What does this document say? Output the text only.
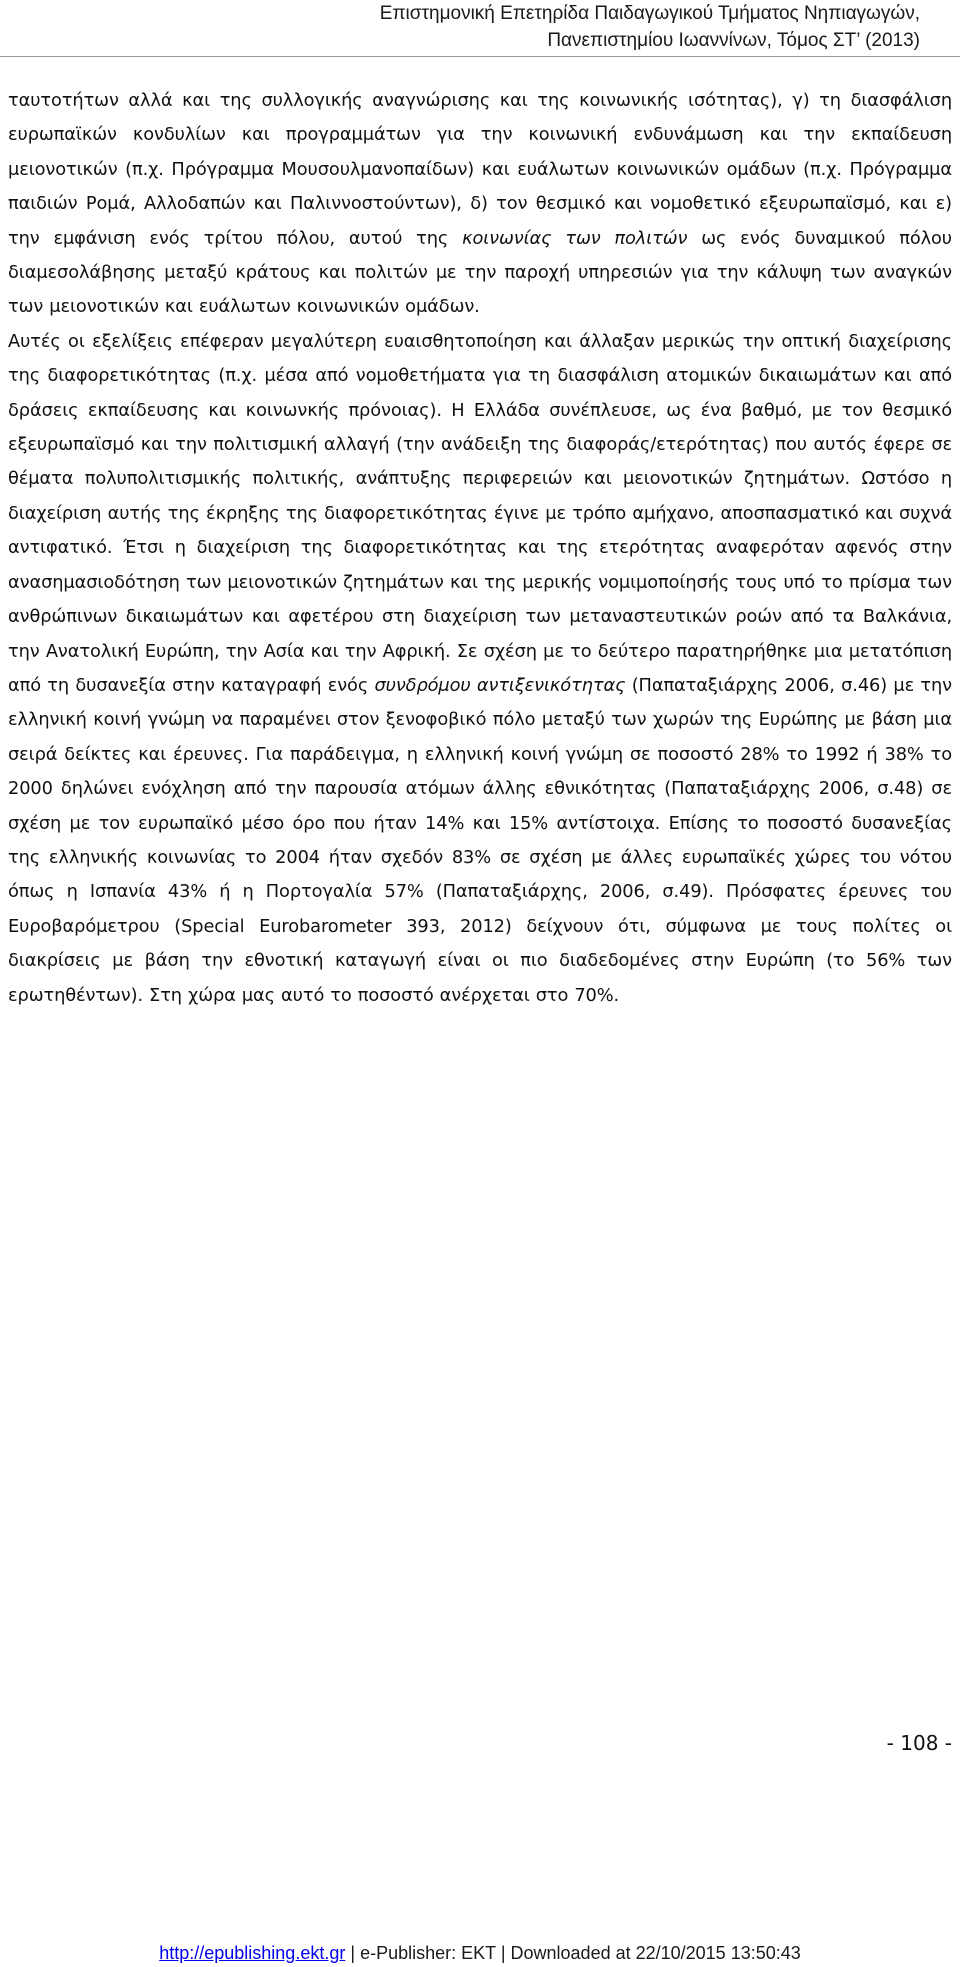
Επιστημονική Επετηρίδα Παιδαγωγικού Τμήματος Νηπιαγωγών,
Πανεπιστημίου Ιωαννίνων, Τόμος ΣΤ’ (2013)

ταυτοτήτων αλλά και της συλλογικής αναγνώρισης και της κοινωνικής ισότητας), γ) τη διασφάλιση ευρωπαϊκών κονδυλίων και προγραμμάτων για την κοινωνική ενδυνάμωση και την εκπαίδευση μειονοτικών (π.χ. Πρόγραμμα Μουσουλμανοπαίδων) και ευάλωτων κοινωνικών ομάδων (π.χ. Πρόγραμμα παιδιών Ρομά, Αλλοδαπών και Παλιννοστούντων), δ) τον θεσμικό και νομοθετικό εξευρωπαϊσμό, και ε) την εμφάνιση ενός τρίτου πόλου, αυτού της κοινωνίας των πολιτών ως ενός δυναμικού πόλου διαμεσολάβησης μεταξύ κράτους και πολιτών με την παροχή υπηρεσιών για την κάλυψη των αναγκών των μειονοτικών και ευάλωτων κοινωνικών ομάδων.

Αυτές οι εξελίξεις επέφεραν μεγαλύτερη ευαισθητοποίηση και άλλαξαν μερικώς την οπτική διαχείρισης της διαφορετικότητας (π.χ. μέσα από νομοθετήματα για τη διασφάλιση ατομικών δικαιωμάτων και από δράσεις εκπαίδευσης και κοινωνκής πρόνοιας). Η Ελλάδα συνέπλευσε, ως ένα βαθμό, με τον θεσμικό εξευρωπαϊσμό και την πολιτισμική αλλαγή (την ανάδειξη της διαφοράς/ετερότητας) που αυτός έφερε σε θέματα πολυπολιτισμικής πολιτικής, ανάπτυξης περιφερειών και μειονοτικών ζητημάτων. Ωστόσο η διαχείριση αυτής της έκρηξης της διαφορετικότητας έγινε με τρόπο αμήχανο, αποσπασματικό και συχνά αντιφατικό. Έτσι η διαχείριση της διαφορετικότητας και της ετερότητας αναφερόταν αφενός στην ανασημασιοδότηση των μειονοτικών ζητημάτων και της μερικής νομιμοποίησής τους υπό το πρίσμα των ανθρώπινων δικαιωμάτων και αφετέρου στη διαχείριση των μεταναστευτικών ροών από τα Βαλκάνια, την Ανατολική Ευρώπη, την Ασία και την Αφρική. Σε σχέση με το δεύτερο παρατηρήθηκε μια μετατόπιση από τη δυσανεξία στην καταγραφή ενός συνδρόμου αντιξενικότητας (Παπαταξιάρχης 2006, σ.46) με την ελληνική κοινή γνώμη να παραμένει στον ξενοφοβικό πόλο μεταξύ των χωρών της Ευρώπης με βάση μια σειρά δείκτες και έρευνες. Για παράδειγμα, η ελληνική κοινή γνώμη σε ποσοστό 28% το 1992 ή 38% το 2000 δηλώνει ενόχληση από την παρουσία ατόμων άλλης εθνικότητας (Παπαταξιάρχης 2006, σ.48) σε σχέση με τον ευρωπαϊκό μέσο όρο που ήταν 14% και 15% αντίστοιχα. Επίσης το ποσοστό δυσανεξίας της ελληνικής κοινωνίας το 2004 ήταν σχεδόν 83% σε σχέση με άλλες ευρωπαϊκές χώρες του νότου όπως η Ισπανία 43% ή η Πορτογαλία 57% (Παπαταξιάρχης, 2006, σ.49). Πρόσφατες έρευνες του Ευροβαρόμετρου (Special Eurobarometer 393, 2012) δείχνουν ότι, σύμφωνα με τους πολίτες οι διακρίσεις με βάση την εθνοτική καταγωγή είναι οι πιο διαδεδομένες στην Ευρώπη (το 56% των ερωτηθέντων). Στη χώρα μας αυτό το ποσοστό ανέρχεται στο 70%.

- 108 -
http://epublishing.ekt.gr | e-Publisher: EKT | Downloaded at 22/10/2015 13:50:43
